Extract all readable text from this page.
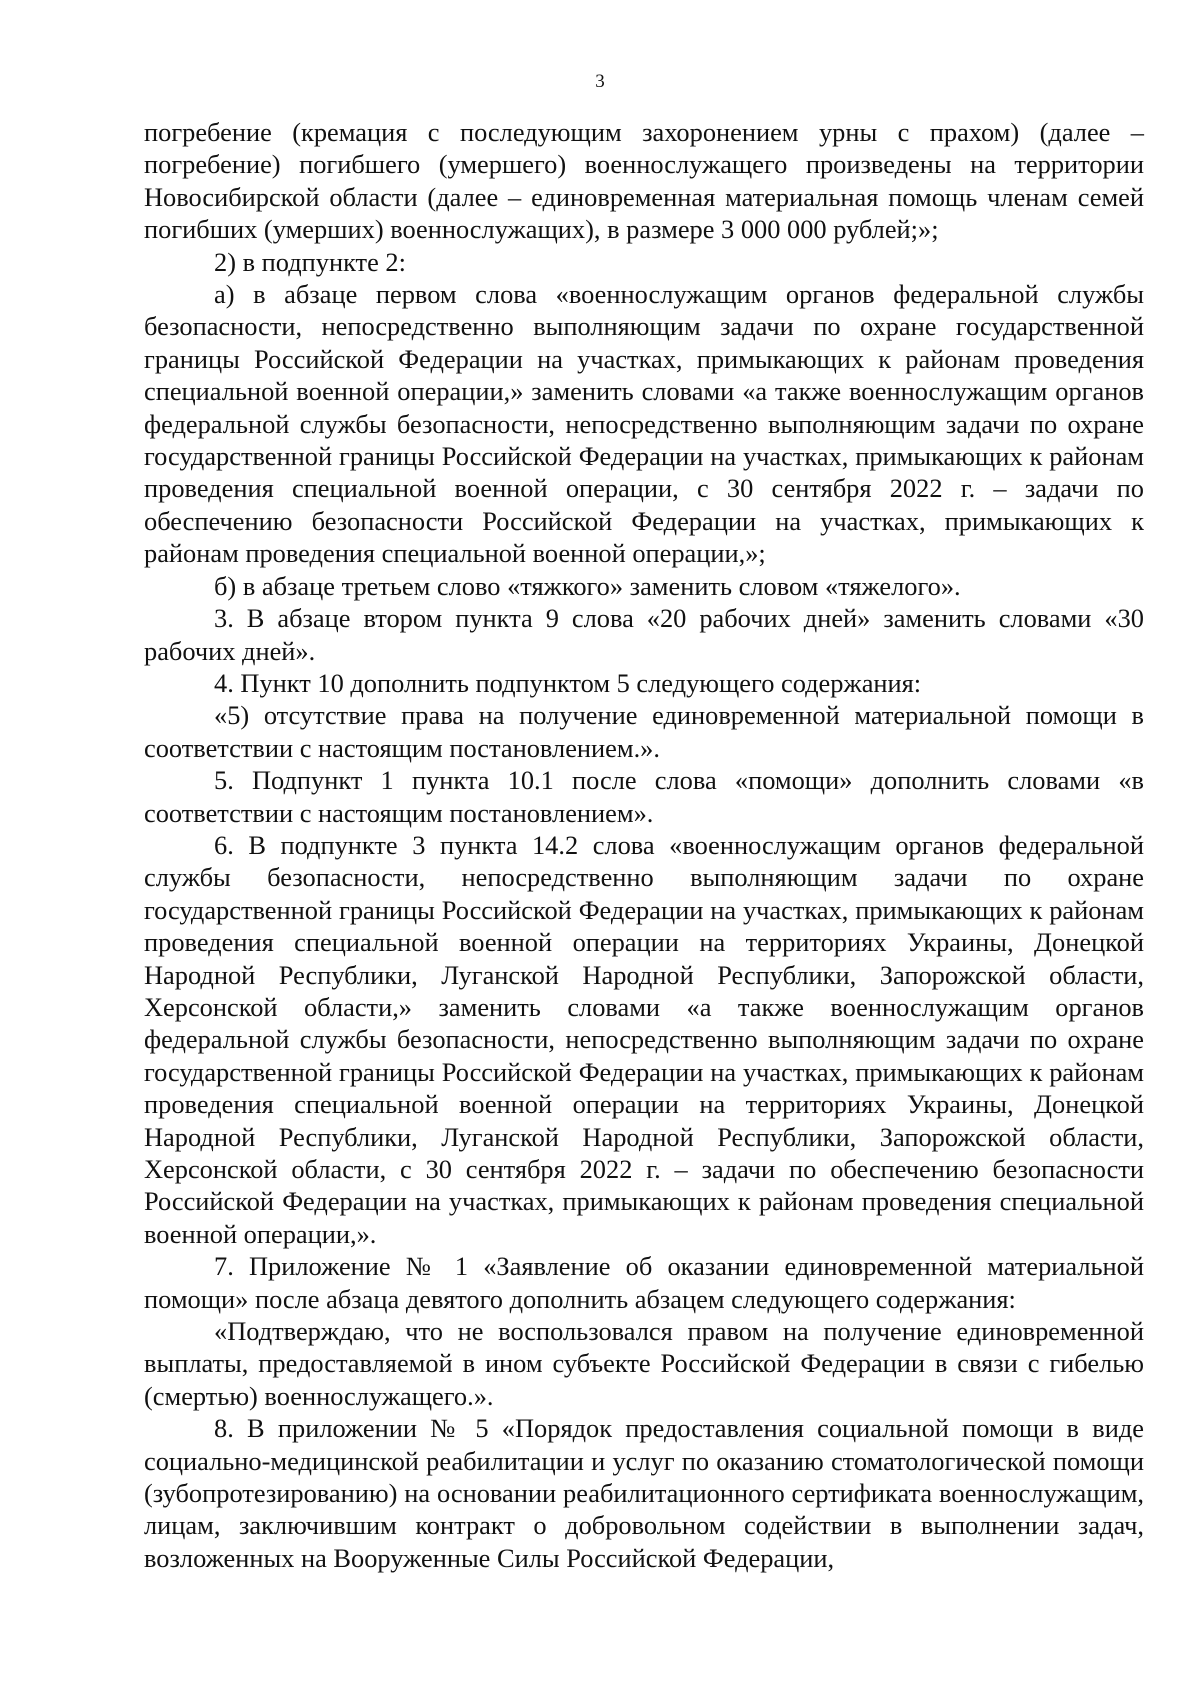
3

погребение (кремация с последующим захоронением урны с прахом) (далее – погребение) погибшего (умершего) военнослужащего произведены на территории Новосибирской области (далее – единовременная материальная помощь членам семей погибших (умерших) военнослужащих), в размере 3 000 000 рублей;»;

2) в подпункте 2:

а) в абзаце первом слова «военнослужащим органов федеральной службы безопасности, непосредственно выполняющим задачи по охране государственной границы Российской Федерации на участках, примыкающих к районам проведения специальной военной операции,» заменить словами «а также военнослужащим органов федеральной службы безопасности, непосредственно выполняющим задачи по охране государственной границы Российской Федерации на участках, примыкающих к районам проведения специальной военной операции, с 30 сентября 2022 г. – задачи по обеспечению безопасности Российской Федерации на участках, примыкающих к районам проведения специальной военной операции,»;

б) в абзаце третьем слово «тяжкого» заменить словом «тяжелого».

3. В абзаце втором пункта 9 слова «20 рабочих дней» заменить словами «30 рабочих дней».

4. Пункт 10 дополнить подпунктом 5 следующего содержания:

«5) отсутствие права на получение единовременной материальной помощи в соответствии с настоящим постановлением.».

5. Подпункт 1 пункта 10.1 после слова «помощи» дополнить словами «в соответствии с настоящим постановлением».

6. В подпункте 3 пункта 14.2 слова «военнослужащим органов федеральной службы безопасности, непосредственно выполняющим задачи по охране государственной границы Российской Федерации на участках, примыкающих к районам проведения специальной военной операции на территориях Украины, Донецкой Народной Республики, Луганской Народной Республики, Запорожской области, Херсонской области,» заменить словами «а также военнослужащим органов федеральной службы безопасности, непосредственно выполняющим задачи по охране государственной границы Российской Федерации на участках, примыкающих к районам проведения специальной военной операции на территориях Украины, Донецкой Народной Республики, Луганской Народной Республики, Запорожской области, Херсонской области, с 30 сентября 2022 г. – задачи по обеспечению безопасности Российской Федерации на участках, примыкающих к районам проведения специальной военной операции,».

7. Приложение № 1 «Заявление об оказании единовременной материальной помощи» после абзаца девятого дополнить абзацем следующего содержания:

«Подтверждаю, что не воспользовался правом на получение единовременной выплаты, предоставляемой в ином субъекте Российской Федерации в связи с гибелью (смертью) военнослужащего.».

8. В приложении № 5 «Порядок предоставления социальной помощи в виде социально-медицинской реабилитации и услуг по оказанию стоматологической помощи (зубопротезированию) на основании реабилитационного сертификата военнослужащим, лицам, заключившим контракт о добровольном содействии в выполнении задач, возложенных на Вооруженные Силы Российской Федерации,
